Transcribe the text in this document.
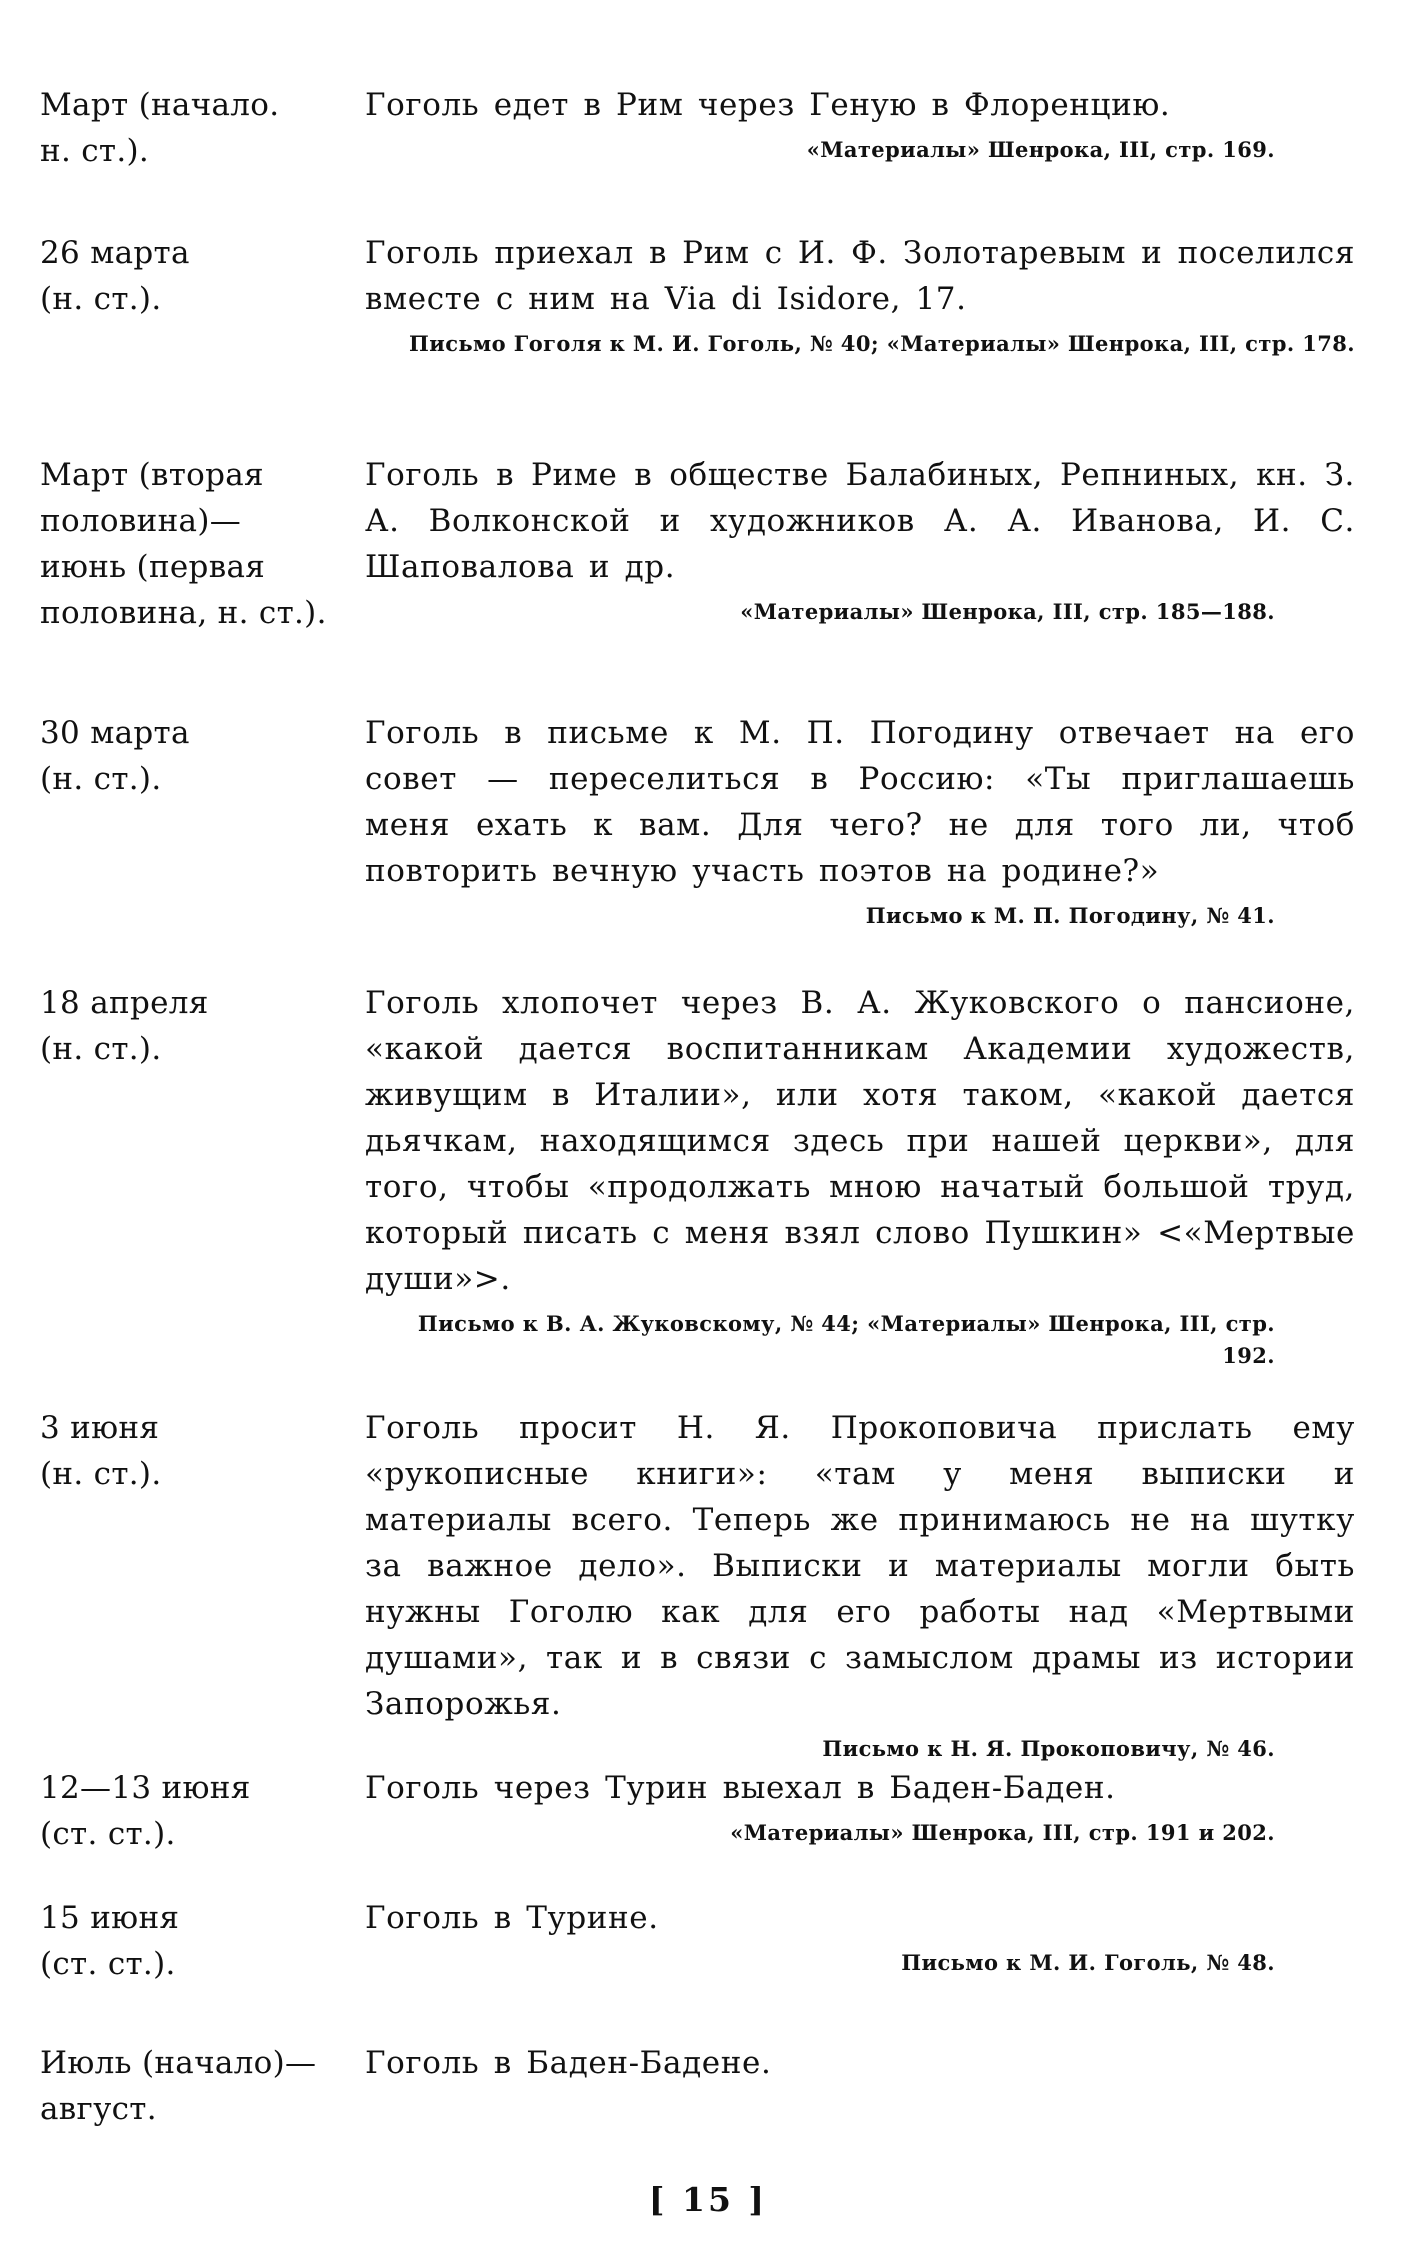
Март (начало.
н. ст.).
Гоголь едет в Рим через Геную в Флоренцию.
«Материалы» Шенрока, III, стр. 169.
26 марта
(н. ст.).
Гоголь приехал в Рим с И. Ф. Золотаревым и поселился вместе с ним на Via di Isidore, 17.
Письмо Гоголя к М. И. Гоголь, № 40; «Материалы» Шенрока, III, стр. 178.
Март (вторая
половина)—
июнь (первая
половина, н. ст.).
Гоголь в Риме в обществе Балабиных, Репниных, кн. З. А. Волконской и художников А. А. Иванова, И. С. Шаповалова и др.
«Материалы» Шенрока, III, стр. 185—188.
30 марта
(н. ст.).
Гоголь в письме к М. П. Погодину отвечает на его совет — переселиться в Россию: «Ты приглашаешь меня ехать к вам. Для чего? не для того ли, чтоб повторить вечную участь поэтов на родине?»
Письмо к М. П. Погодину, № 41.
18 апреля
(н. ст.).
Гоголь хлопочет через В. А. Жуковского о пансионе, «какой дается воспитанникам Академии художеств, живущим в Италии», или хотя таком, «какой дается дьячкам, находящимся здесь при нашей церкви», для того, чтобы «продолжать мною начатый большой труд, который писать с меня взял слово Пушкин» <«Мертвые души»>.
Письмо к В. А. Жуковскому, № 44; «Материалы» Шенрока, III, стр. 192.
3 июня
(н. ст.).
Гоголь просит Н. Я. Прокоповича прислать ему «рукописные книги»: «там у меня выписки и материалы всего. Теперь же принимаюсь не на шутку за важное дело». Выписки и материалы могли быть нужны Гоголю как для его работы над «Мертвыми душами», так и в связи с замыслом драмы из истории Запорожья.
Письмо к Н. Я. Прокоповичу, № 46.
12—13 июня
(ст. ст.).
Гоголь через Турин выехал в Баден-Баден.
«Материалы» Шенрока, III, стр. 191 и 202.
15 июня
(ст. ст.).
Гоголь в Турине.
Письмо к М. И. Гоголь, № 48.
Июль (начало)—
август.
Гоголь в Баден-Бадене.
[ 15 ]
